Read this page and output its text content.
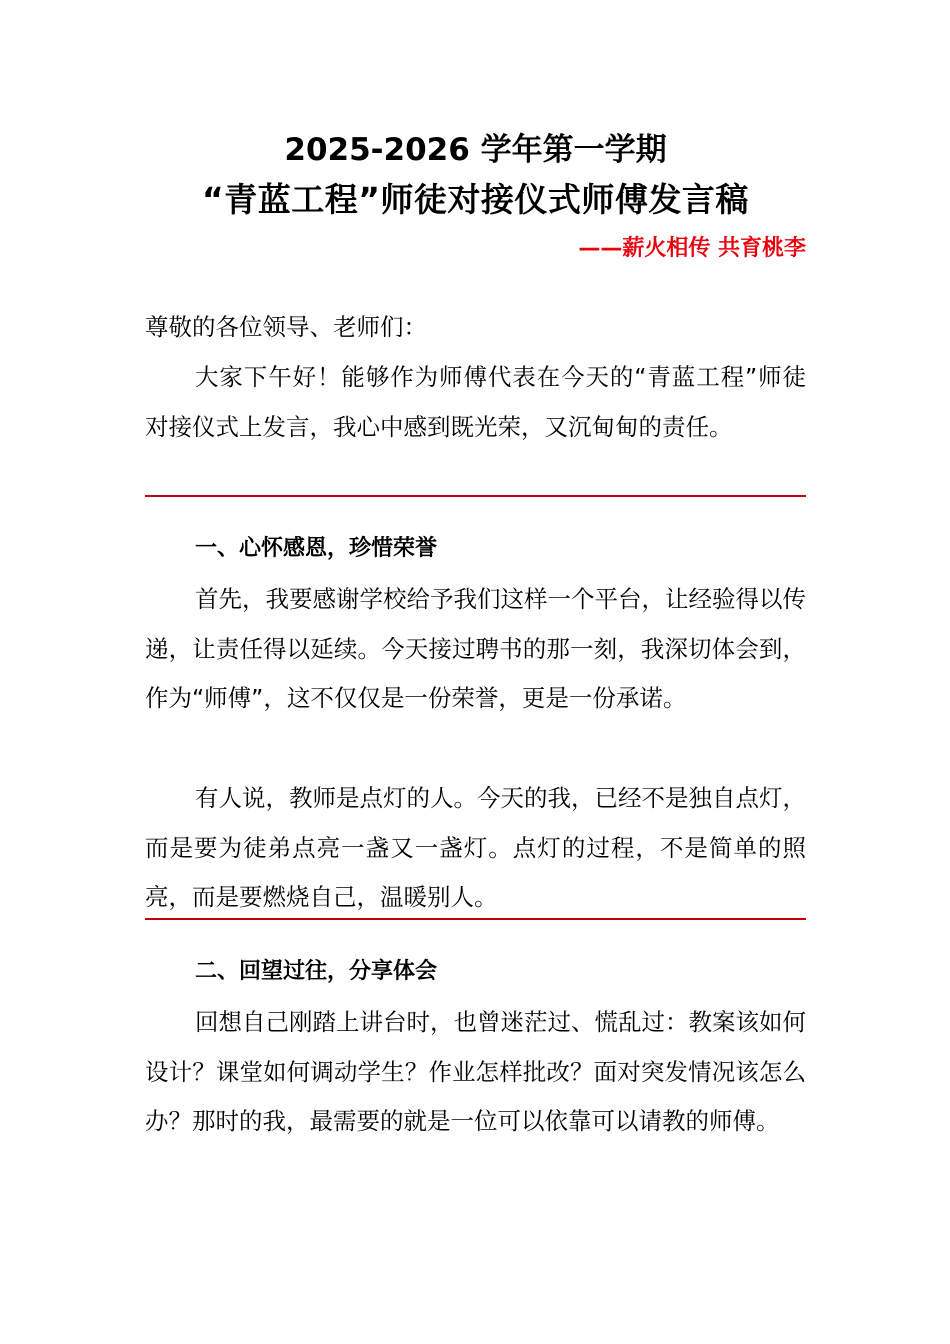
2025-2026 学年第一学期
“青蓝工程”师徒对接仪式师傅发言稿
——薪火相传 共育桃李

尊敬的各位领导、老师们：

大家下午好！能够作为师傅代表在今天的“青蓝工程”师徒对接仪式上发言，我心中感到既光荣，又沉甸甸的责任。

一、心怀感恩，珍惜荣誉

首先，我要感谢学校给予我们这样一个平台，让经验得以传递，让责任得以延续。今天接过聘书的那一刻，我深切体会到，作为“师傅”，这不仅仅是一份荣誉，更是一份承诺。

有人说，教师是点灯的人。今天的我，已经不是独自点灯，而是要为徒弟点亮一盏又一盏灯。点灯的过程，不是简单的照亮，而是要燃烧自己，温暖别人。

二、回望过往，分享体会

回想自己刚踏上讲台时，也曾迷茫过、慌乱过：教案该如何设计？课堂如何调动学生？作业怎样批改？面对突发情况该怎么办？那时的我，最需要的就是一位可以依靠可以请教的师傅。
